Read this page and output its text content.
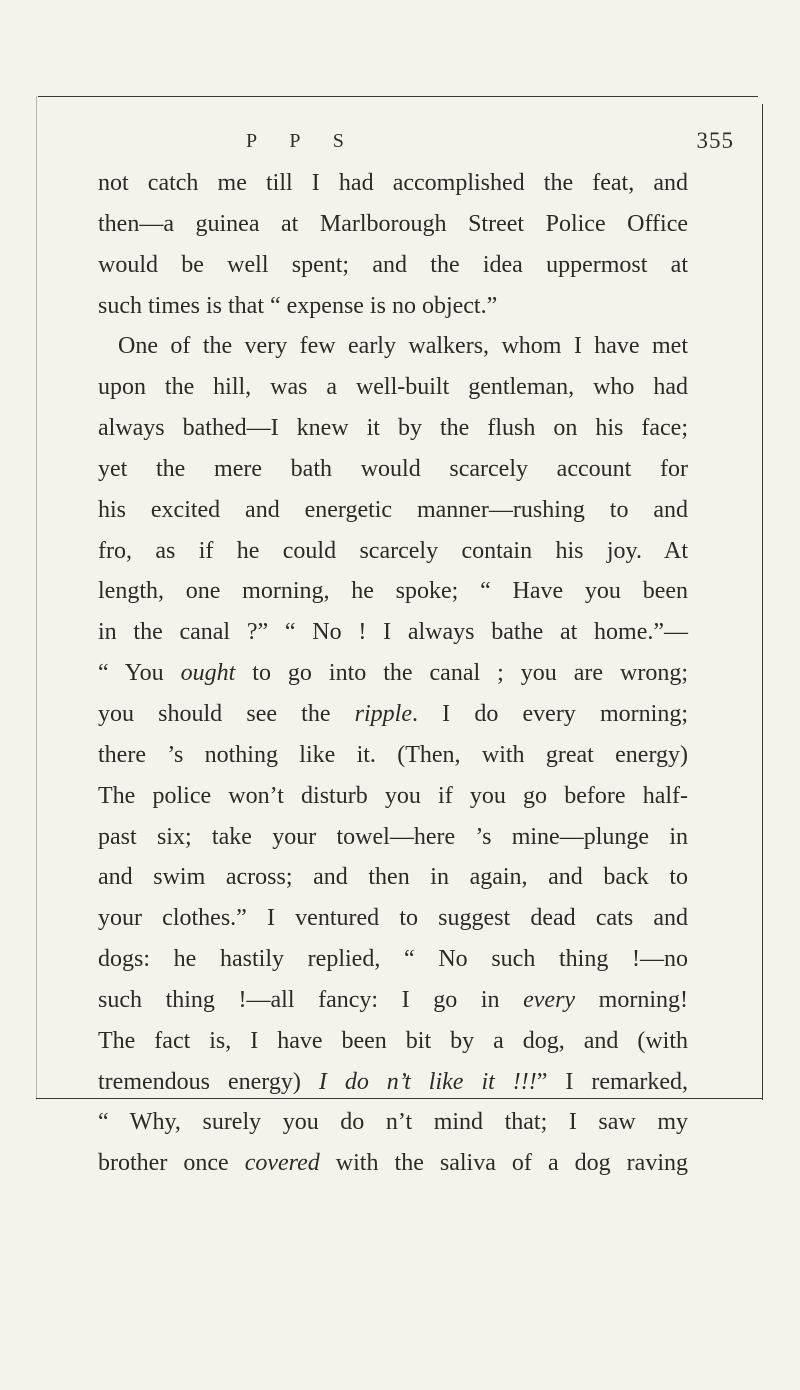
P P S	355
not catch me till I had accomplished the feat, and
then—a guinea at Marlborough Street Police Office
would be well spent; and the idea uppermost at
such times is that “ expense is no object.”
One of the very few early walkers, whom I have met
upon the hill, was a well-built gentleman, who had
always bathed—I knew it by the flush on his face;
yet the mere bath would scarcely account for
his excited and energetic manner—rushing to and
fro, as if he could scarcely contain his joy. At
length, one morning, he spoke; “ Have you been
in the canal ?” “ No ! I always bathe at home.”—
“ You ought to go into the canal ; you are wrong;
you should see the ripple. I do every morning;
there ’s nothing like it. (Then, with great energy)
The police won’t disturb you if you go before half-
past six; take your towel—here ’s mine—plunge in
and swim across; and then in again, and back to
your clothes.” I ventured to suggest dead cats and
dogs: he hastily replied, “ No such thing !—no
such thing !—all fancy: I go in every morning!
The fact is, I have been bit by a dog, and (with
tremendous energy) I do n’t like it !!!” I remarked,
“ Why, surely you do n’t mind that; I saw my
brother once covered with the saliva of a dog raving
